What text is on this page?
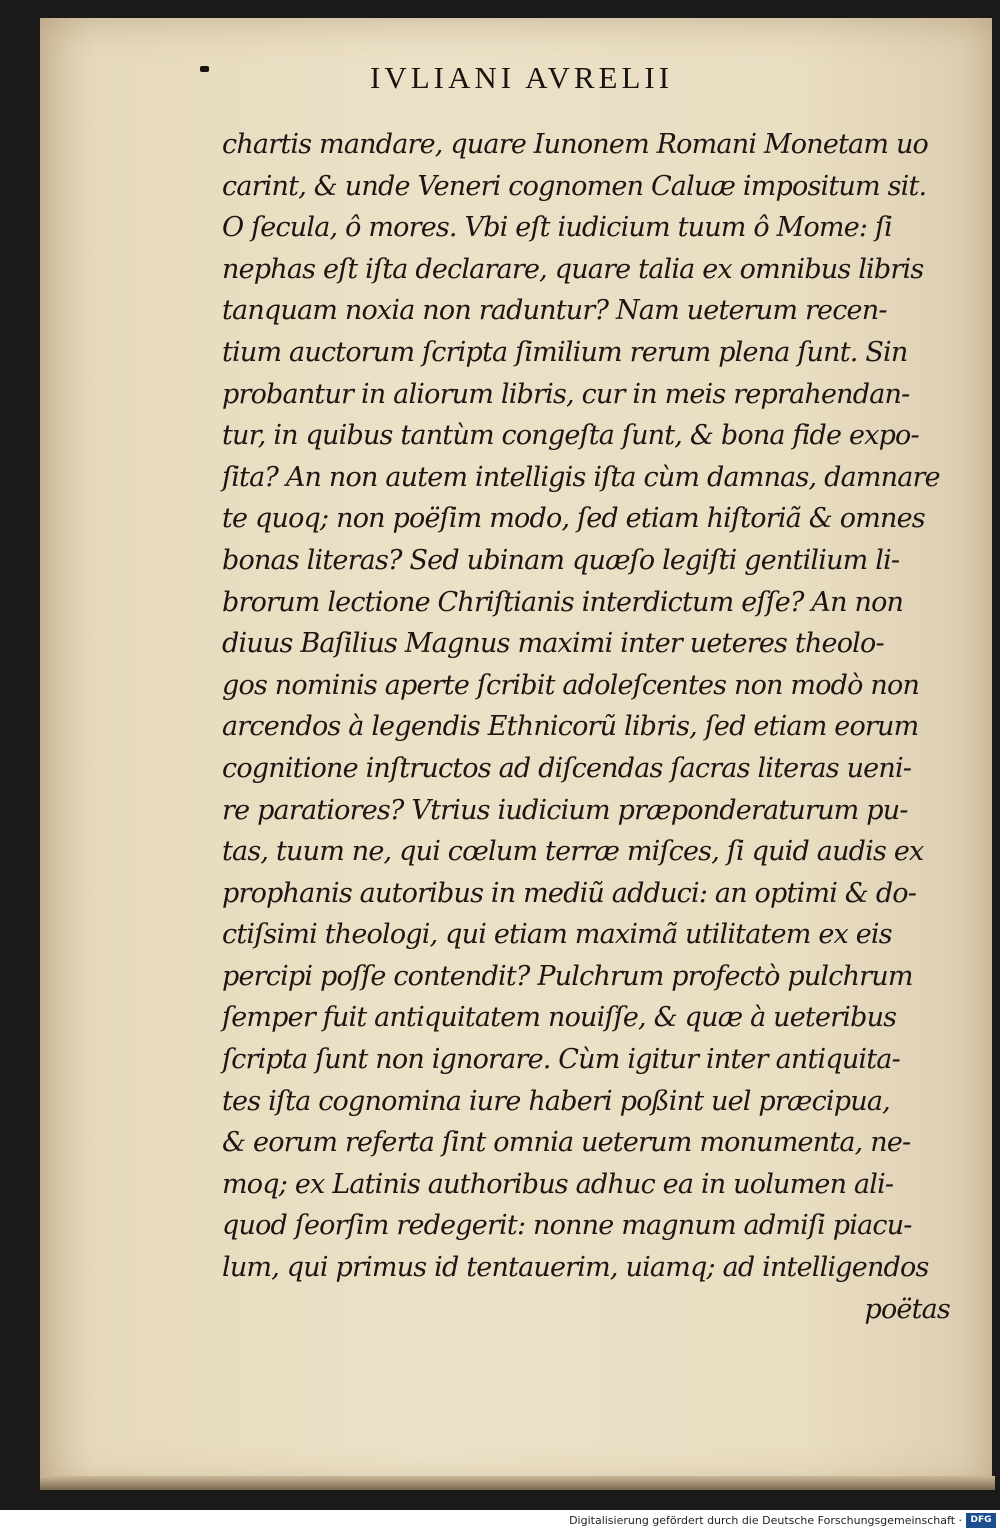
IVLIANI AVRELII
chartis mandare, quare Iunonem Romani Monetam uo
carint, & unde Veneri cognomen Caluæ impositum sit.
O ſecula, ô mores. Vbi eſt iudicium tuum ô Mome: ſi
nephas eſt iſta declarare, quare talia ex omnibus libris
tanquam noxia non raduntur? Nam ueterum recen-
tium auctorum ſcripta ſimilium rerum plena ſunt. Sin
probantur in aliorum libris, cur in meis reprahendan-
tur, in quibus tantùm congeſta ſunt, & bona fide expo-
ſita? An non autem intelligis iſta cùm damnas, damnare
te quoq; non poëſim modo, ſed etiam hiſtoriã & omnes
bonas literas? Sed ubinam quæſo legiſti gentilium li-
brorum lectione Chriſtianis interdictum eſſe? An non
diuus Baſilius Magnus maximi inter ueteres theolo-
gos nominis aperte ſcribit adoleſcentes non modò non
arcendos à legendis Ethnicorũ libris, ſed etiam eorum
cognitione inſtructos ad diſcendas ſacras literas ueni-
re paratiores? Vtrius iudicium præponderaturum pu-
tas, tuum ne, qui cœlum terræ miſces, ſi quid audis ex
prophanis autoribus in mediũ adduci: an optimi & do-
ctiſsimi theologi, qui etiam maximã utilitatem ex eis
percipi poſſe contendit? Pulchrum profectò pulchrum
ſemper fuit antiquitatem nouiſſe, & quæ à ueteribus
ſcripta ſunt non ignorare. Cùm igitur inter antiquita-
tes iſta cognomina iure haberi poßint uel præcipua,
& eorum referta ſint omnia ueterum monumenta, ne-
moq; ex Latinis authoribus adhuc ea in uolumen ali-
quod ſeorſim redegerit: nonne magnum admiſi piacu-
lum, qui primus id tentauerim, uiamq; ad intelligendos
poëtas
Digitalisierung gefördert durch die Deutsche Forschungsgemeinschaft · DFG
